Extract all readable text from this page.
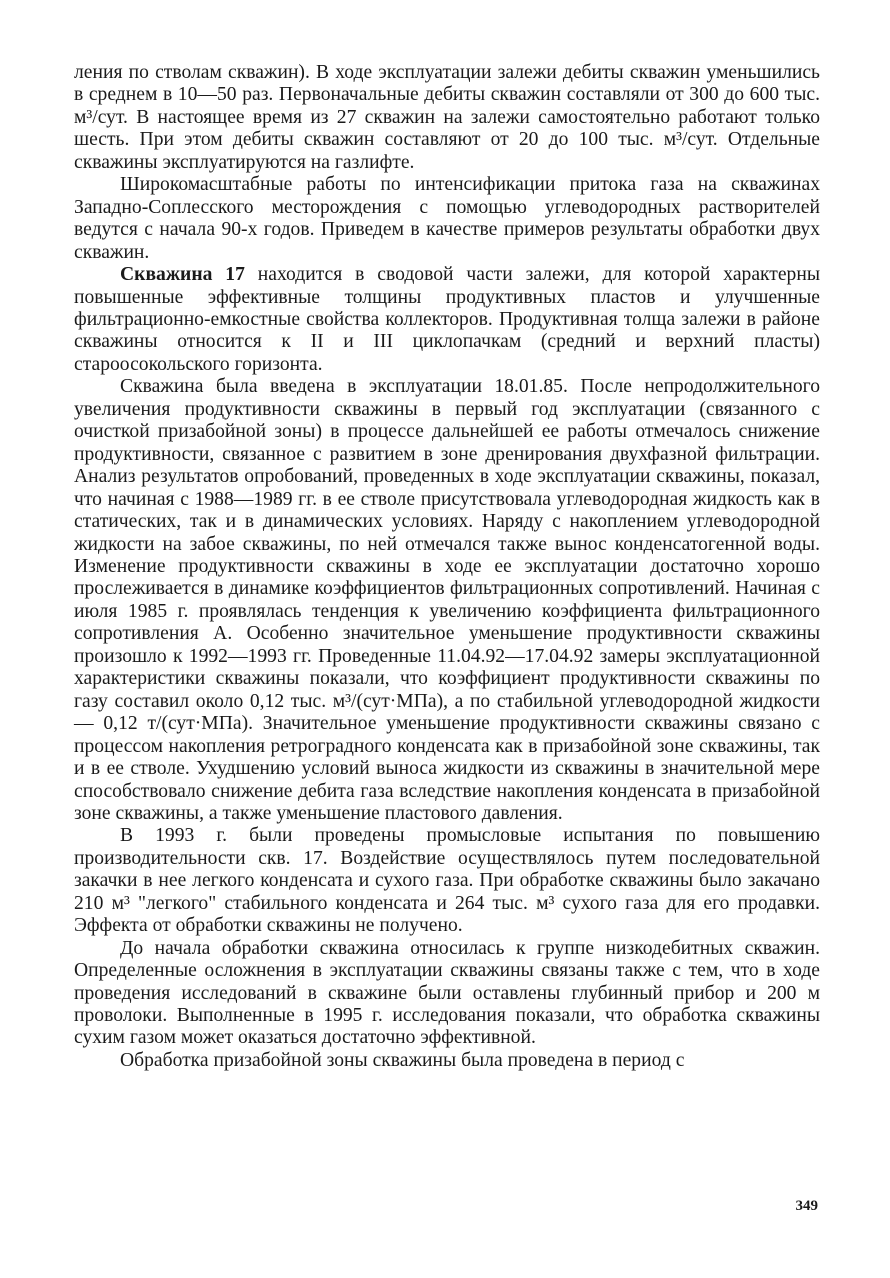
ления по стволам скважин). В ходе эксплуатации залежи дебиты скважин уменьшились в среднем в 10—50 раз. Первоначальные дебиты скважин составляли от 300 до 600 тыс. м³/сут. В настоящее время из 27 скважин на залежи самостоятельно работают только шесть. При этом дебиты скважин составляют от 20 до 100 тыс. м³/сут. Отдельные скважины эксплуатируются на газлифте.

Широкомасштабные работы по интенсификации притока газа на скважинах Западно-Соплесского месторождения с помощью углеводородных растворителей ведутся с начала 90-х годов. Приведем в качестве примеров результаты обработки двух скважин.

Скважина 17 находится в сводовой части залежи, для которой характерны повышенные эффективные толщины продуктивных пластов и улучшенные фильтрационно-емкостные свойства коллекторов. Продуктивная толща залежи в районе скважины относится к II и III циклопачкам (средний и верхний пласты) староосокольского горизонта.

Скважина была введена в эксплуатации 18.01.85. После непродолжительного увеличения продуктивности скважины в первый год эксплуатации (связанного с очисткой призабойной зоны) в процессе дальнейшей ее работы отмечалось снижение продуктивности, связанное с развитием в зоне дренирования двухфазной фильтрации. Анализ результатов опробований, проведенных в ходе эксплуатации скважины, показал, что начиная с 1988—1989 гг. в ее стволе присутствовала углеводородная жидкость как в статических, так и в динамических условиях. Наряду с накоплением углеводородной жидкости на забое скважины, по ней отмечался также вынос конденсатогенной воды. Изменение продуктивности скважины в ходе ее эксплуатации достаточно хорошо прослеживается в динамике коэффициентов фильтрационных сопротивлений. Начиная с июля 1985 г. проявлялась тенденция к увеличению коэффициента фильтрационного сопротивления А. Особенно значительное уменьшение продуктивности скважины произошло к 1992—1993 гг. Проведенные 11.04.92—17.04.92 замеры эксплуатационной характеристики скважины показали, что коэффициент продуктивности скважины по газу составил около 0,12 тыс. м³/(сут·МПа), а по стабильной углеводородной жидкости — 0,12 т/(сут·МПа). Значительное уменьшение продуктивности скважины связано с процессом накопления ретроградного конденсата как в призабойной зоне скважины, так и в ее стволе. Ухудшению условий выноса жидкости из скважины в значительной мере способствовало снижение дебита газа вследствие накопления конденсата в призабойной зоне скважины, а также уменьшение пластового давления.

В 1993 г. были проведены промысловые испытания по повышению производительности скв. 17. Воздействие осуществлялось путем последовательной закачки в нее легкого конденсата и сухого газа. При обработке скважины было закачано 210 м³ "легкого" стабильного конденсата и 264 тыс. м³ сухого газа для его продавки. Эффекта от обработки скважины не получено.

До начала обработки скважина относилась к группе низкодебитных скважин. Определенные осложнения в эксплуатации скважины связаны также с тем, что в ходе проведения исследований в скважине были оставлены глубинный прибор и 200 м проволоки. Выполненные в 1995 г. исследования показали, что обработка скважины сухим газом может оказаться достаточно эффективной.

Обработка призабойной зоны скважины была проведена в период с

349
